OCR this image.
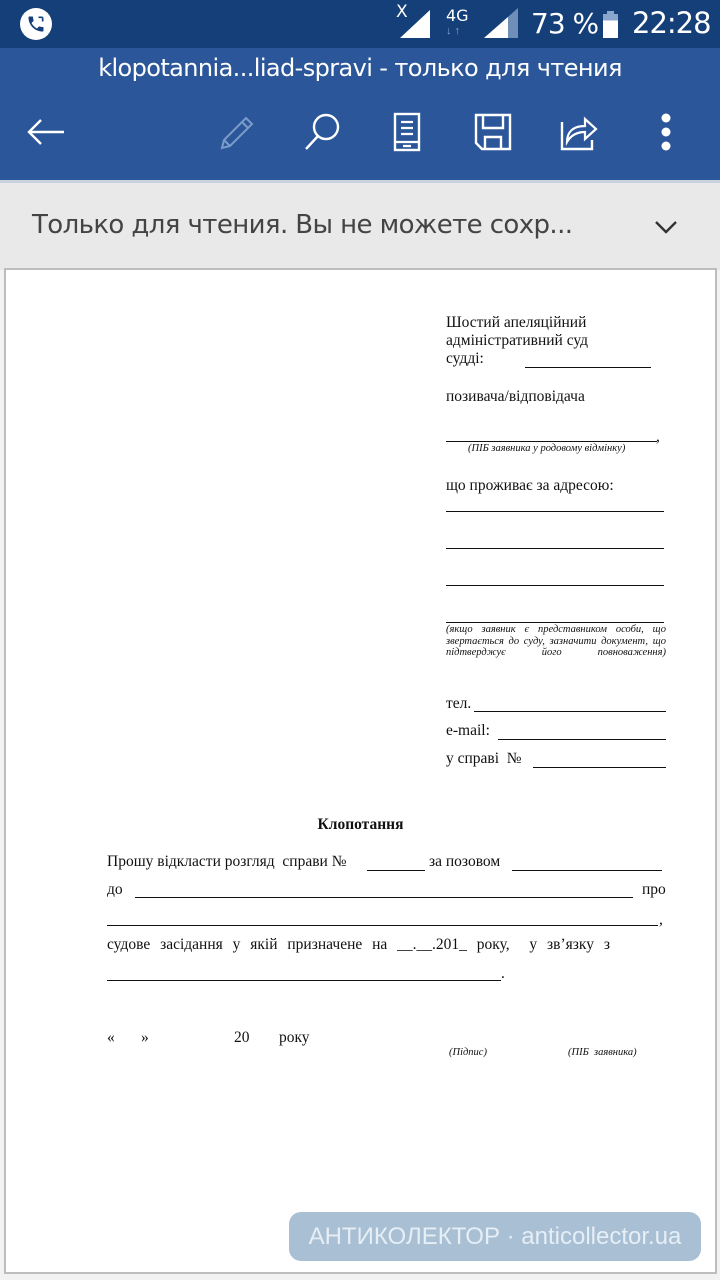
X 4G
↓↑ 73 % 22:28
klopotannia...liad-spravi - только для чтения
Только для чтения. Вы не можете сохр...
Шостий апеляційний
адміністративний суд
судді:
позивача/відповідача
,
(ПІБ заявника у родовому відмінку)
що проживає за адресою:
(якщо заявник є представником особи, що звертається до суду, зазначити документ, що підтверджує його повноваження)
тел.
e-mail:
у справі  №
Клопотання
Прошу відкласти розгляд  справи №	за позовом
до	про
,
судове засідання у якій призначене на __.__.201_ року,  у зв’язку з
.
« »	20 року
(Підпис)	(ПІБ  заявника)
АНТИКОЛЕКТОР · anticollector.ua
